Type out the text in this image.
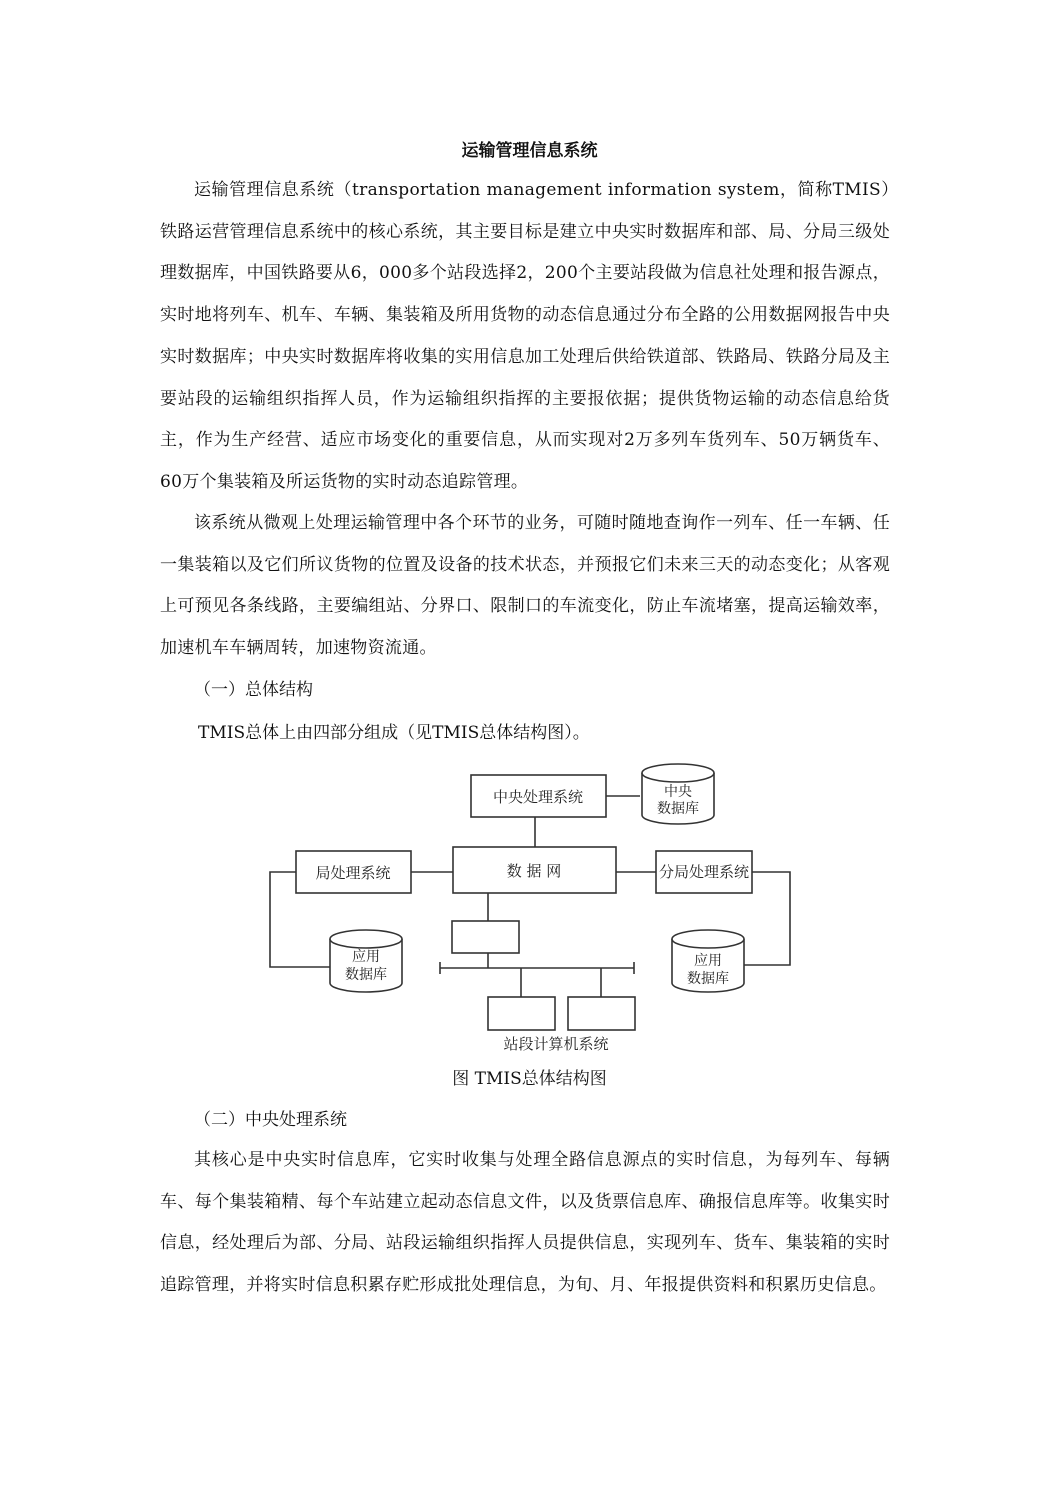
运输管理信息系统

运输管理信息系统（transportation management information system，简称TMIS）铁路运营管理信息系统中的核心系统，其主要目标是建立中央实时数据库和部、局、分局三级处理数据库，中国铁路要从6，000多个站段选择2，200个主要站段做为信息社处理和报告源点，实时地将列车、机车、车辆、集装箱及所用货物的动态信息通过分布全路的公用数据网报告中央实时数据库；中央实时数据库将收集的实用信息加工处理后供给铁道部、铁路局、铁路分局及主要站段的运输组织指挥人员，作为运输组织指挥的主要报依据；提供货物运输的动态信息给货主，作为生产经营、适应市场变化的重要信息，从而实现对2万多列车货列车、50万辆货车、60万个集装箱及所运货物的实时动态追踪管理。

该系统从微观上处理运输管理中各个环节的业务，可随时随地查询作一列车、任一车辆、任一集装箱以及它们所议货物的位置及设备的技术状态，并预报它们未来三天的动态变化；从客观上可预见各条线路，主要编组站、分界口、限制口的车流变化，防止车流堵塞，提高运输效率，加速机车车辆周转，加速物资流通。

（一）总体结构
TMIS总体上由四部分组成（见TMIS总体结构图）。
中央处理系统	中央
数据库
数 据 网
局处理系统	分局处理系统
应用
数据库
应用
数据库
站段计算机系统
图 TMIS总体结构图
（二）中央处理系统

其核心是中央实时信息库，它实时收集与处理全路信息源点的实时信息，为每列车、每辆车、每个集装箱精、每个车站建立起动态信息文件，以及货票信息库、确报信息库等。收集实时信息，经处理后为部、分局、站段运输组织指挥人员提供信息，实现列车、货车、集装箱的实时追踪管理，并将实时信息积累存贮形成批处理信息，为旬、月、年报提供资料和积累历史信息。
